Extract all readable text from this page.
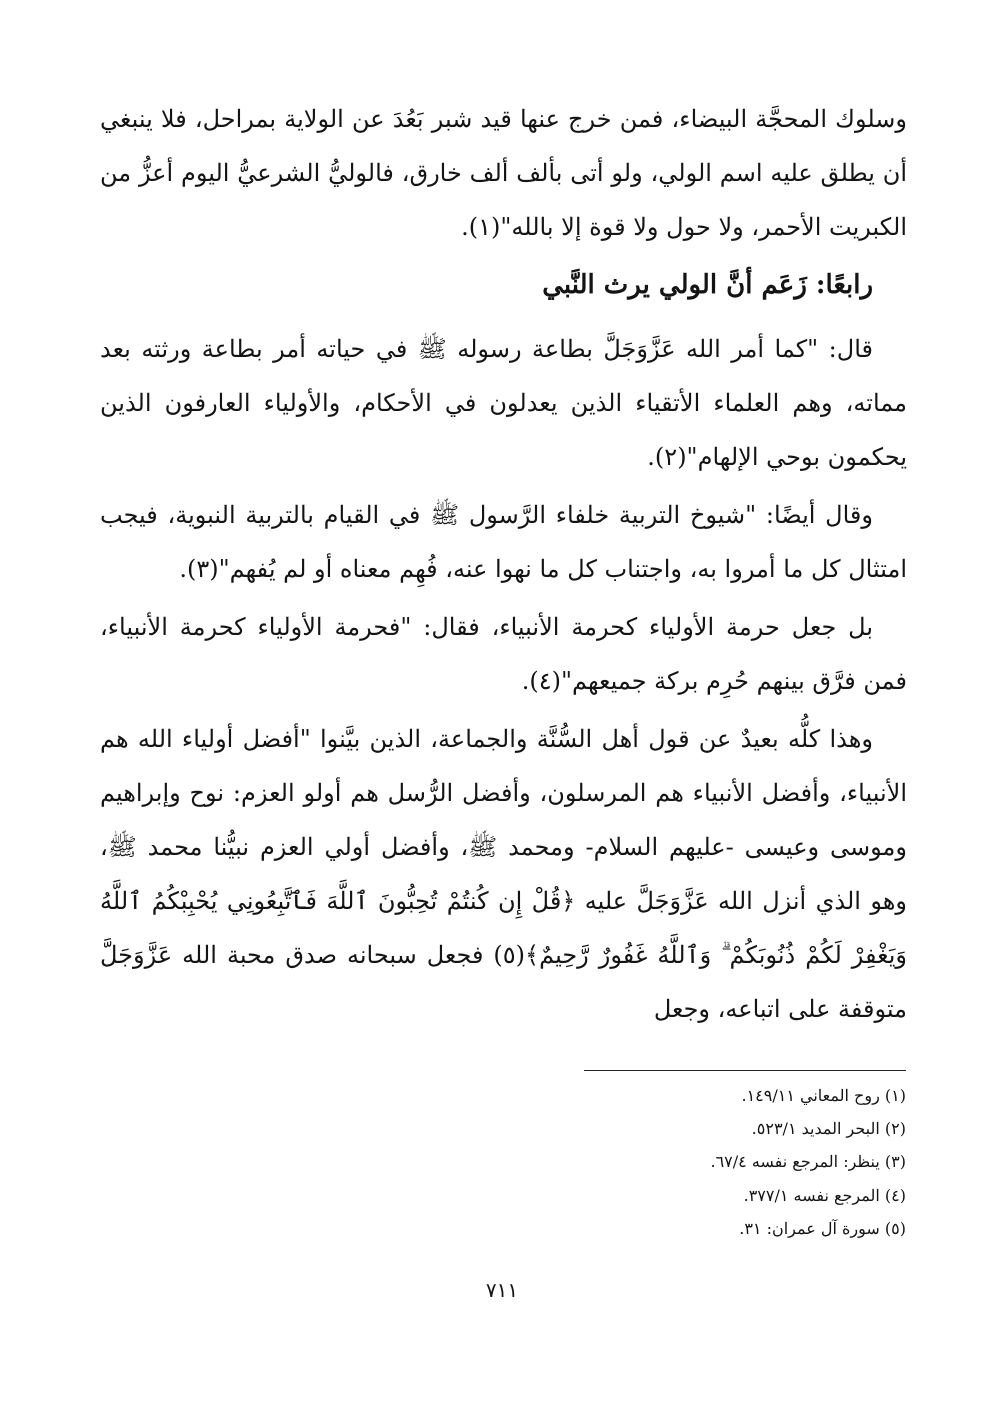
وسلوك المحجَّة البيضاء، فمن خرج عنها قيد شبر بَعُدَ عن الولاية بمراحل، فلا ينبغي أن يطلق عليه اسم الولي، ولو أتى بألف ألف خارق، فالوليُّ الشرعيُّ اليوم أعزُّ من الكبريت الأحمر، ولا حول ولا قوة إلا بالله"(١).

رابعًا: زَعَم أنَّ الولي يرث النَّبي

قال: "كما أمر الله عَزَّوَجَلَّ بطاعة رسوله ﷺ في حياته أمر بطاعة ورثته بعد مماته، وهم العلماء الأتقياء الذين يعدلون في الأحكام، والأولياء العارفون الذين يحكمون بوحي الإلهام"(٢).

وقال أيضًا: "شيوخ التربية خلفاء الرَّسول ﷺ في القيام بالتربية النبوية، فيجب امتثال كل ما أمروا به، واجتناب كل ما نهوا عنه، فُهِم معناه أو لم يُفهم"(٣).

بل جعل حرمة الأولياء كحرمة الأنبياء، فقال: "فحرمة الأولياء كحرمة الأنبياء، فمن فرَّق بينهم حُرِم بركة جميعهم"(٤).

وهذا كلُّه بعيدٌ عن قول أهل السُّنَّة والجماعة، الذين بيَّنوا "أفضل أولياء الله هم الأنبياء، وأفضل الأنبياء هم المرسلون، وأفضل الرُّسل هم أولو العزم: نوح وإبراهيم وموسى وعيسى -عليهم السلام- ومحمد ﷺ، وأفضل أولي العزم نبيُّنا محمد ﷺ، وهو الذي أنزل الله عَزَّوَجَلَّ عليه ﴿قُلْ إِن كُنتُمْ تُحِبُّونَ ٱللَّهَ فَٱتَّبِعُونِي يُحْبِبْكُمُ ٱللَّهُ وَيَغْفِرْ لَكُمْ ذُنُوبَكُمْ ۗ وَٱللَّهُ غَفُورٌ رَّحِيمٌ﴾(٥) فجعل سبحانه صدق محبة الله عَزَّوَجَلَّ متوقفة على اتباعه، وجعل

(١) روح المعاني ١٤٩/١١.

(٢) البحر المديد ٥٢٣/١.

(٣) ينظر: المرجع نفسه ٦٧/٤.

(٤) المرجع نفسه ٣٧٧/١.

(٥) سورة آل عمران: ٣١.

٧١١
